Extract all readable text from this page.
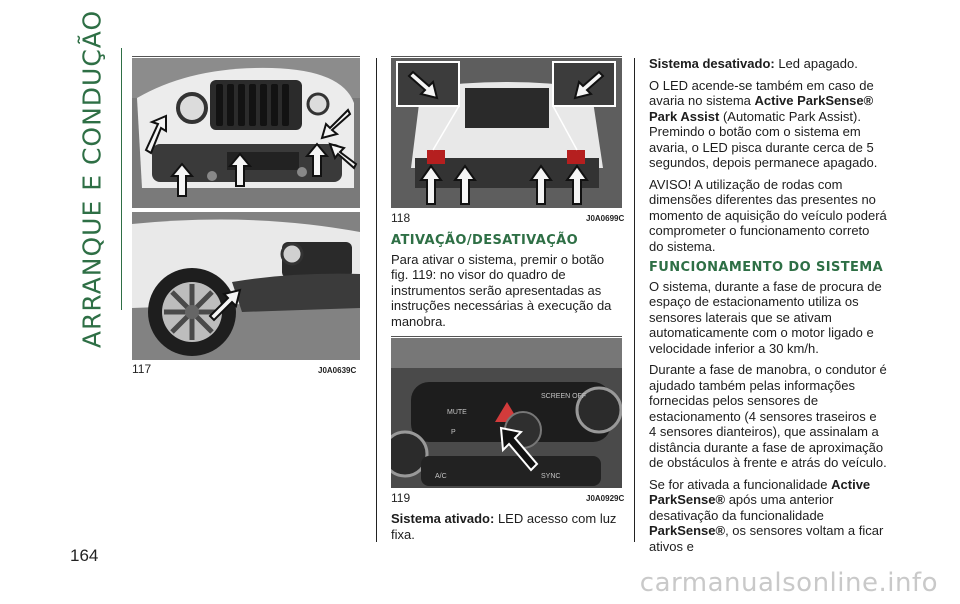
ARRANQUE E CONDUÇÃO
117	J0A0639C
118	J0A0699C
ATIVAÇÃO/DESATIVAÇÃO

Para ativar o sistema, premir o botão fig. 119: no visor do quadro de instrumentos serão apresentadas as instruções necessárias à execução da manobra.

MUTE
SCREEN OFF
P
A/C	SYNC
119	J0A0929C

Sistema ativado: LED acesso com luz fixa.

Sistema desativado: Led apagado.

O LED acende-se também em caso de avaria no sistema Active ParkSense® Park Assist (Automatic Park Assist). Premindo o botão com o sistema em avaria, o LED pisca durante cerca de 5 segundos, depois permanece apagado.

AVISO! A utilização de rodas com dimensões diferentes das presentes no momento de aquisição do veículo poderá comprometer o funcionamento correto do sistema.

FUNCIONAMENTO DO SISTEMA

O sistema, durante a fase de procura de espaço de estacionamento utiliza os sensores laterais que se ativam automaticamente com o motor ligado e velocidade inferior a 30 km/h.

Durante a fase de manobra, o condutor é ajudado também pelas informações fornecidas pelos sensores de estacionamento (4 sensores traseiros e 4 sensores dianteiros), que assinalam a distância durante a fase de aproximação de obstáculos à frente e atrás do veículo.

Se for ativada a funcionalidade Active ParkSense® após uma anterior desativação da funcionalidade ParkSense®, os sensores voltam a ficar ativos e

164
carmanualsonline.info
